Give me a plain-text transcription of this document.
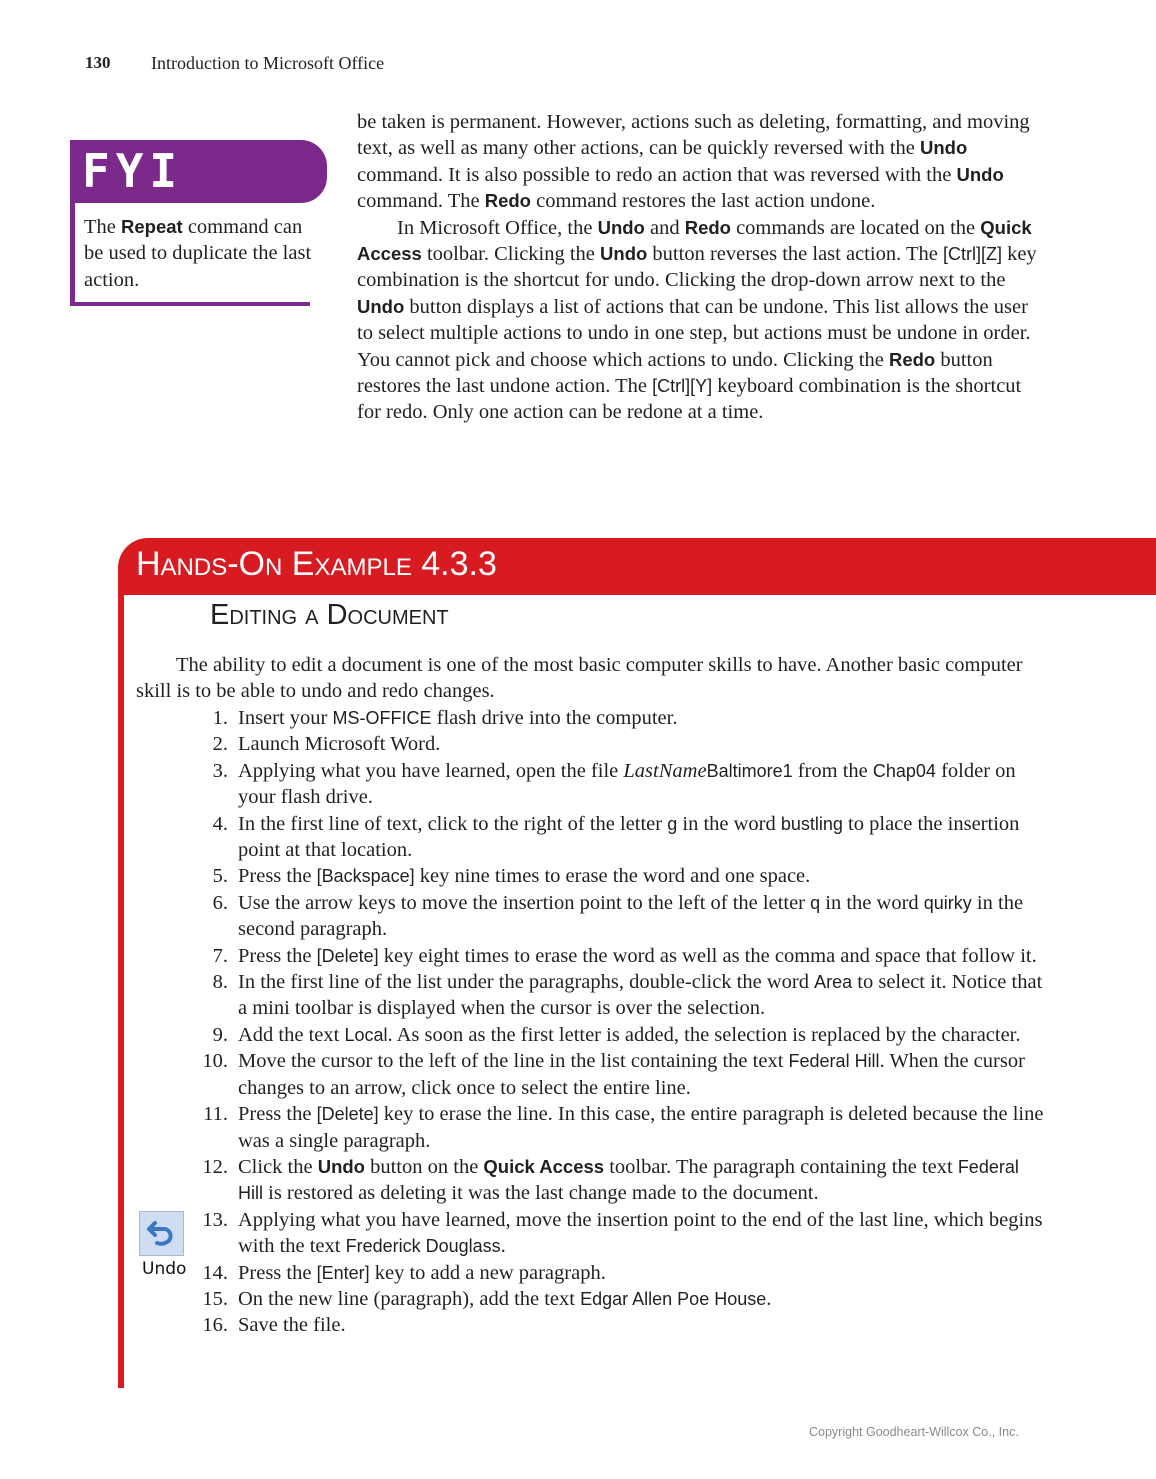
130 Introduction to Microsoft Office
FYI
The Repeat command can be used to duplicate the last action.

be taken is permanent. However, actions such as deleting, formatting, and moving text, as well as many other actions, can be quickly reversed with the Undo command. It is also possible to redo an action that was reversed with the Undo command. The Redo command restores the last action undone.

In Microsoft Office, the Undo and Redo commands are located on the Quick Access toolbar. Clicking the Undo button reverses the last action. The [Ctrl][Z] key combination is the shortcut for undo. Clicking the drop-down arrow next to the Undo button displays a list of actions that can be undone. This list allows the user to select multiple actions to undo in one step, but actions must be undone in order. You cannot pick and choose which actions to undo. Clicking the Redo button restores the last undone action. The [Ctrl][Y] keyboard combination is the shortcut for redo. Only one action can be redone at a time.

Hands-On Example 4.3.3
Editing a Document
The ability to edit a document is one of the most basic computer skills to have. Another basic computer skill is to be able to undo and redo changes.
1. Insert your MS-OFFICE flash drive into the computer.
2. Launch Microsoft Word.
3. Applying what you have learned, open the file LastNameBaltimore1 from the Chap04 folder on your flash drive.
4. In the first line of text, click to the right of the letter g in the word bustling to place the insertion point at that location.
5. Press the [Backspace] key nine times to erase the word and one space.
6. Use the arrow keys to move the insertion point to the left of the letter q in the word quirky in the second paragraph.
7. Press the [Delete] key eight times to erase the word as well as the comma and space that follow it.
8. In the first line of the list under the paragraphs, double-click the word Area to select it. Notice that a mini toolbar is displayed when the cursor is over the selection.
9. Add the text Local. As soon as the first letter is added, the selection is replaced by the character.
10. Move the cursor to the left of the line in the list containing the text Federal Hill. When the cursor changes to an arrow, click once to select the entire line.
11. Press the [Delete] key to erase the line. In this case, the entire paragraph is deleted because the line was a single paragraph.
12. Click the Undo button on the Quick Access toolbar. The paragraph containing the text Federal Hill is restored as deleting it was the last change made to the document.
13. Applying what you have learned, move the insertion point to the end of the last line, which begins with the text Frederick Douglass.
14. Press the [Enter] key to add a new paragraph.
15. On the new line (paragraph), add the text Edgar Allen Poe House.
16. Save the file.
Undo
Copyright Goodheart-Willcox Co., Inc.
